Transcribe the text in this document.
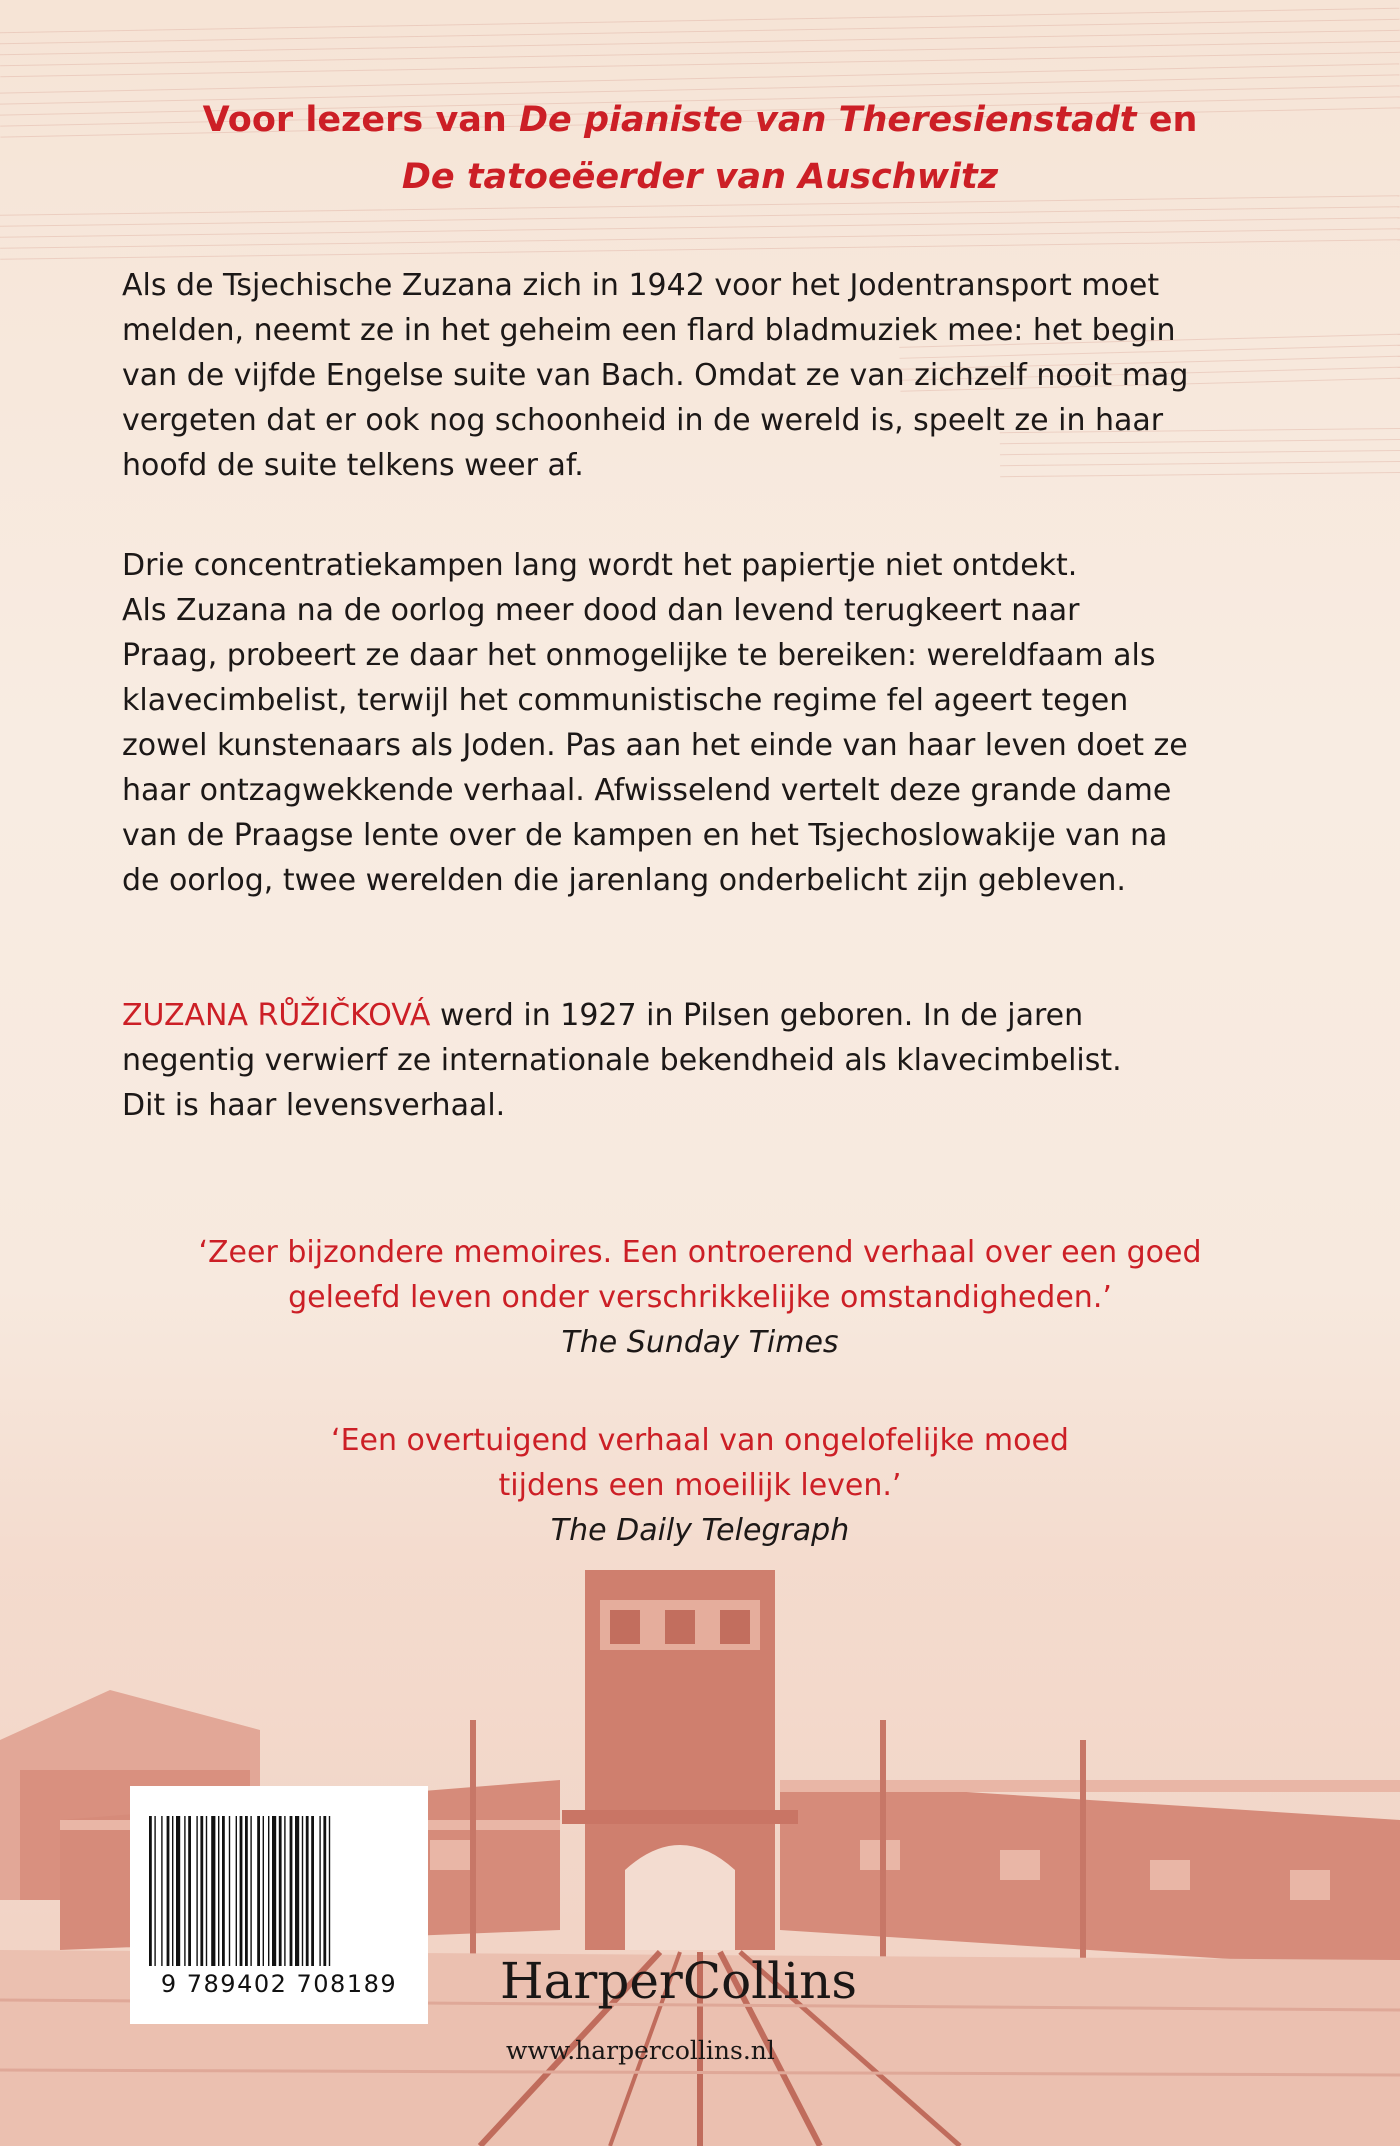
Voor lezers van De pianiste van Theresienstadt en
De tatoeëerder van Auschwitz
Als de Tsjechische Zuzana zich in 1942 voor het Jodentransport moet
melden, neemt ze in het geheim een flard bladmuziek mee: het begin
van de vijfde Engelse suite van Bach. Omdat ze van zichzelf nooit mag
vergeten dat er ook nog schoonheid in de wereld is, speelt ze in haar
hoofd de suite telkens weer af.
Drie concentratiekampen lang wordt het papiertje niet ontdekt.
Als Zuzana na de oorlog meer dood dan levend terugkeert naar
Praag, probeert ze daar het onmogelijke te bereiken: wereldfaam als
klavecimbelist, terwijl het communistische regime fel ageert tegen
zowel kunstenaars als Joden. Pas aan het einde van haar leven doet ze
haar ontzagwekkende verhaal. Afwisselend vertelt deze grande dame
van de Praagse lente over de kampen en het Tsjechoslowakije van na
de oorlog, twee werelden die jarenlang onderbelicht zijn gebleven.
ZUZANA RŮŽIČKOVÁ werd in 1927 in Pilsen geboren. In de jaren
negentig verwierf ze internationale bekendheid als klavecimbelist.
Dit is haar levensverhaal.
‘Zeer bijzondere memoires. Een ontroerend verhaal over een goed
geleefd leven onder verschrikkelijke omstandigheden.’
The Sunday Times
‘Een overtuigend verhaal van ongelofelijke moed
tijdens een moeilijk leven.’
The Daily Telegraph
9 789402 708189	HarperCollins
www.harpercollins.nl
